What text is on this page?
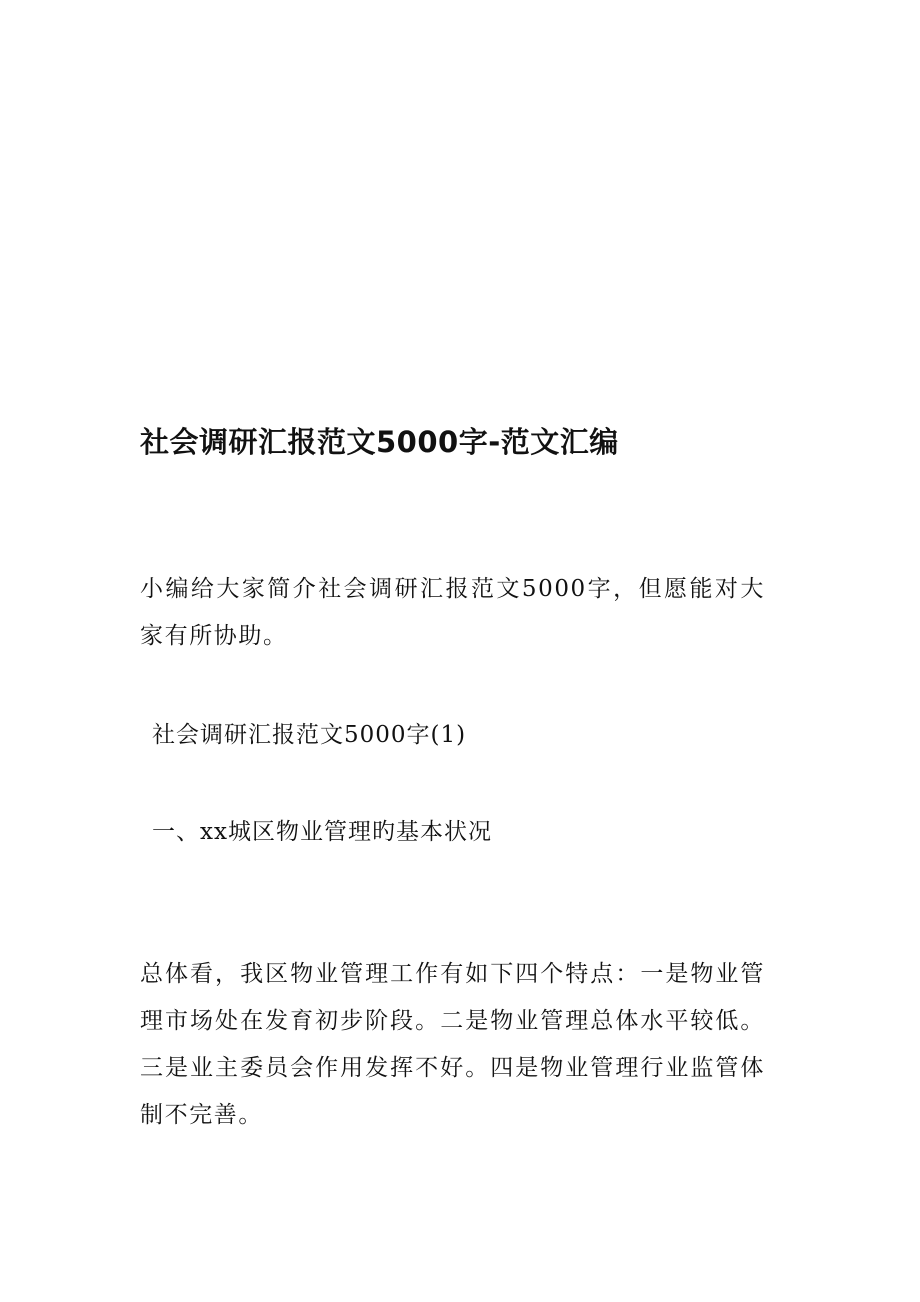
社会调研汇报范文5000字-范文汇编
小编给大家简介社会调研汇报范文5000字，但愿能对大家有所协助。
社会调研汇报范文5000字(1)
一、xx城区物业管理旳基本状况
总体看，我区物业管理工作有如下四个特点：一是物业管理市场处在发育初步阶段。二是物业管理总体水平较低。三是业主委员会作用发挥不好。四是物业管理行业监管体制不完善。
